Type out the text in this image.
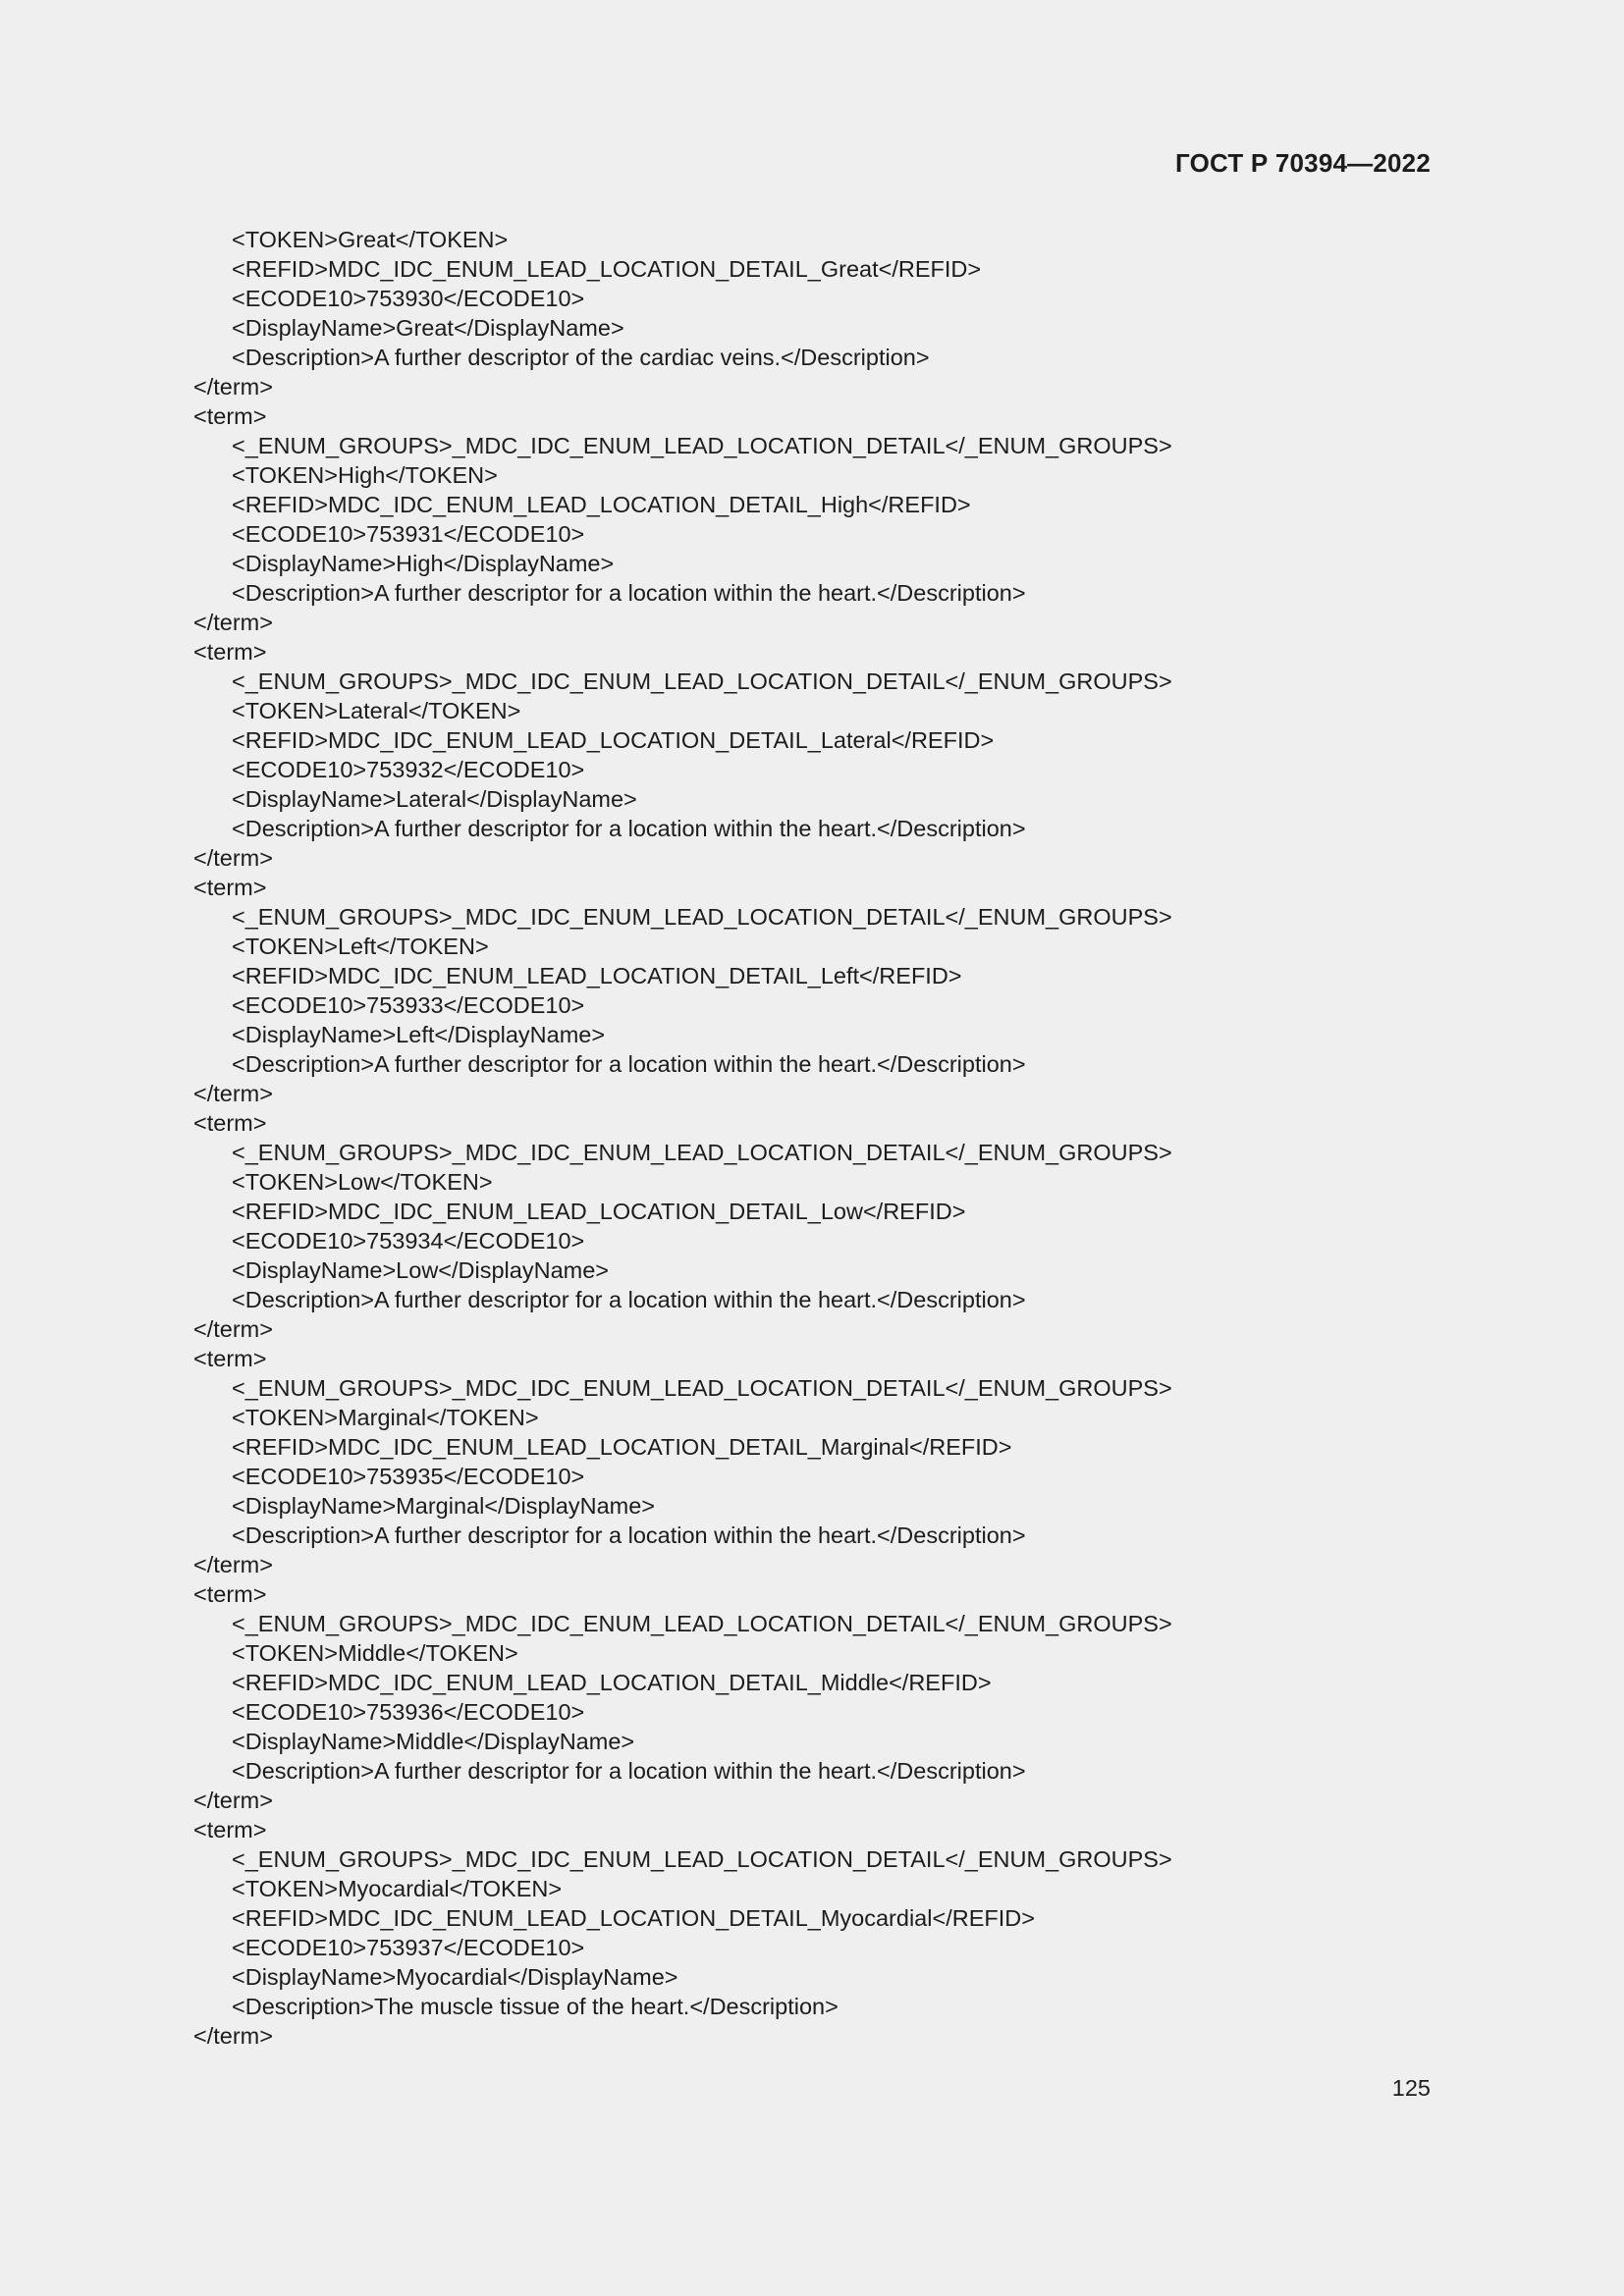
ГОСТ Р 70394—2022
<TOKEN>Great</TOKEN>
<REFID>MDC_IDC_ENUM_LEAD_LOCATION_DETAIL_Great</REFID>
<ECODE10>753930</ECODE10>
<DisplayName>Great</DisplayName>
<Description>A further descriptor of the cardiac veins.</Description>
</term>
<term>
<_ENUM_GROUPS>_MDC_IDC_ENUM_LEAD_LOCATION_DETAIL</_ENUM_GROUPS>
<TOKEN>High</TOKEN>
<REFID>MDC_IDC_ENUM_LEAD_LOCATION_DETAIL_High</REFID>
<ECODE10>753931</ECODE10>
<DisplayName>High</DisplayName>
<Description>A further descriptor for a location within the heart.</Description>
</term>
<term>
<_ENUM_GROUPS>_MDC_IDC_ENUM_LEAD_LOCATION_DETAIL</_ENUM_GROUPS>
<TOKEN>Lateral</TOKEN>
<REFID>MDC_IDC_ENUM_LEAD_LOCATION_DETAIL_Lateral</REFID>
<ECODE10>753932</ECODE10>
<DisplayName>Lateral</DisplayName>
<Description>A further descriptor for a location within the heart.</Description>
</term>
<term>
<_ENUM_GROUPS>_MDC_IDC_ENUM_LEAD_LOCATION_DETAIL</_ENUM_GROUPS>
<TOKEN>Left</TOKEN>
<REFID>MDC_IDC_ENUM_LEAD_LOCATION_DETAIL_Left</REFID>
<ECODE10>753933</ECODE10>
<DisplayName>Left</DisplayName>
<Description>A further descriptor for a location within the heart.</Description>
</term>
<term>
<_ENUM_GROUPS>_MDC_IDC_ENUM_LEAD_LOCATION_DETAIL</_ENUM_GROUPS>
<TOKEN>Low</TOKEN>
<REFID>MDC_IDC_ENUM_LEAD_LOCATION_DETAIL_Low</REFID>
<ECODE10>753934</ECODE10>
<DisplayName>Low</DisplayName>
<Description>A further descriptor for a location within the heart.</Description>
</term>
<term>
<_ENUM_GROUPS>_MDC_IDC_ENUM_LEAD_LOCATION_DETAIL</_ENUM_GROUPS>
<TOKEN>Marginal</TOKEN>
<REFID>MDC_IDC_ENUM_LEAD_LOCATION_DETAIL_Marginal</REFID>
<ECODE10>753935</ECODE10>
<DisplayName>Marginal</DisplayName>
<Description>A further descriptor for a location within the heart.</Description>
</term>
<term>
<_ENUM_GROUPS>_MDC_IDC_ENUM_LEAD_LOCATION_DETAIL</_ENUM_GROUPS>
<TOKEN>Middle</TOKEN>
<REFID>MDC_IDC_ENUM_LEAD_LOCATION_DETAIL_Middle</REFID>
<ECODE10>753936</ECODE10>
<DisplayName>Middle</DisplayName>
<Description>A further descriptor for a location within the heart.</Description>
</term>
<term>
<_ENUM_GROUPS>_MDC_IDC_ENUM_LEAD_LOCATION_DETAIL</_ENUM_GROUPS>
<TOKEN>Myocardial</TOKEN>
<REFID>MDC_IDC_ENUM_LEAD_LOCATION_DETAIL_Myocardial</REFID>
<ECODE10>753937</ECODE10>
<DisplayName>Myocardial</DisplayName>
<Description>The muscle tissue of the heart.</Description>
</term>
125
